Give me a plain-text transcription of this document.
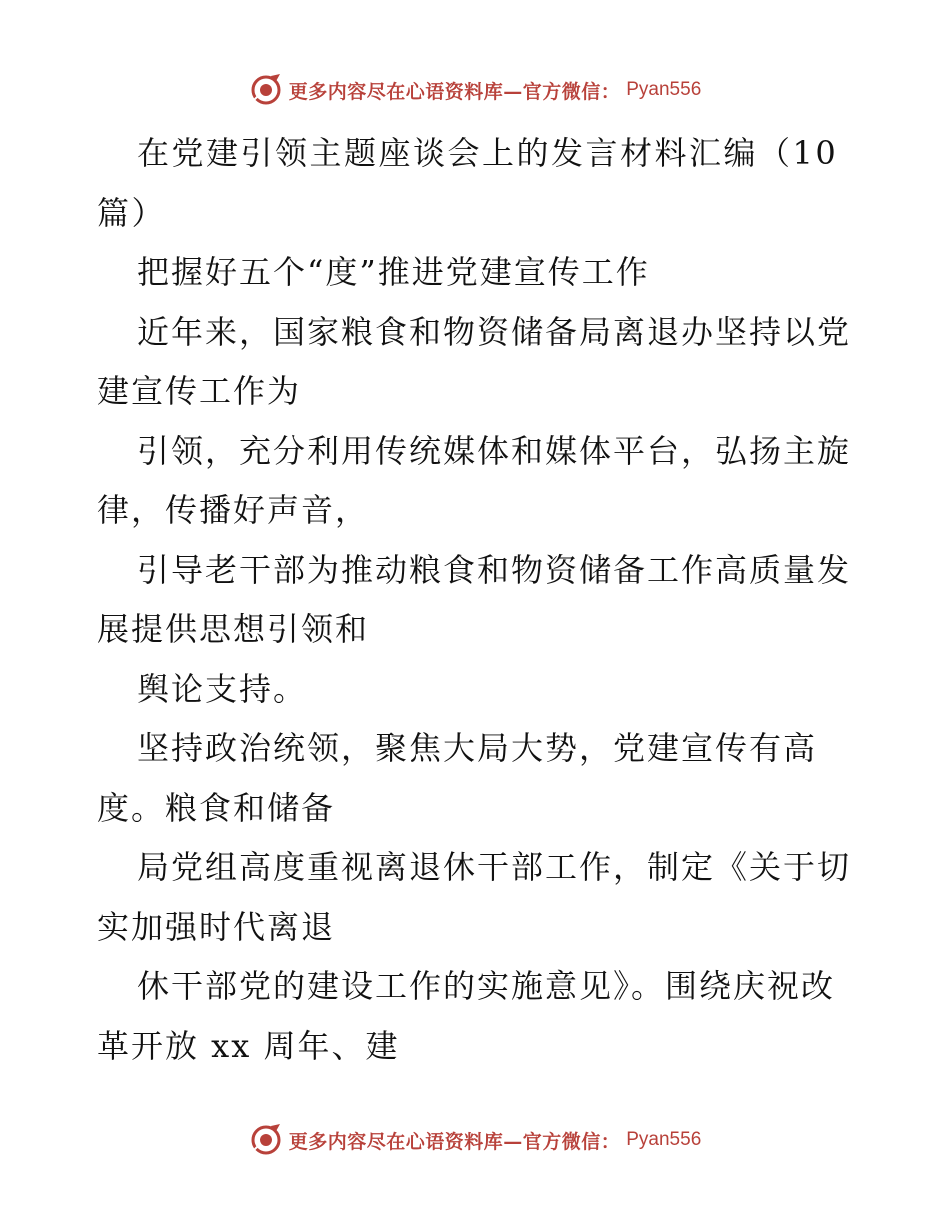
更多内容尽在心语资料库—官方微信： Pyan556

在党建引领主题座谈会上的发言材料汇编（10篇）

把握好五个“度”推进党建宣传工作

近年来，国家粮食和物资储备局离退办坚持以党建宣传工作为

引领，充分利用传统媒体和媒体平台，弘扬主旋律，传播好声音，

引导老干部为推动粮食和物资储备工作高质量发展提供思想引领和

舆论支持。

坚持政治统领，聚焦大局大势，党建宣传有高度。粮食和储备

局党组高度重视离退休干部工作，制定《关于切实加强时代离退

休干部党的建设工作的实施意见》。围绕庆祝改革开放 xx 周年、建

更多内容尽在心语资料库—官方微信： Pyan556
